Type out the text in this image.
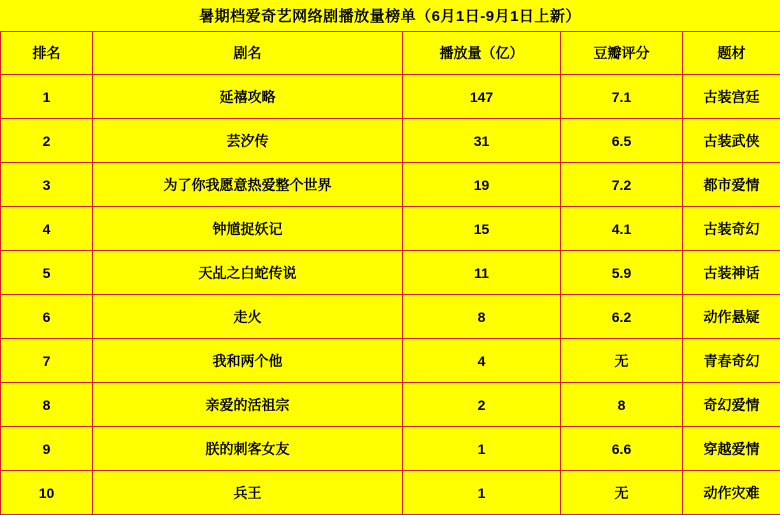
暑期档爱奇艺网络剧播放量榜单（6月1日-9月1日上新）
排名	剧名	播放量（亿）	豆瓣评分	题材
1	延禧攻略	147	7.1	古装宫廷
2	芸汐传	31	6.5	古装武侠
3	为了你我愿意热爱整个世界	19	7.2	都市爱情
4	钟馗捉妖记	15	4.1	古装奇幻
5	天乩之白蛇传说	11	5.9	古装神话
6	走火	8	6.2	动作悬疑
7	我和两个他	4	无	青春奇幻
8	亲爱的活祖宗	2	8	奇幻爱情
9	朕的刺客女友	1	6.6	穿越爱情
10	兵王	1	无	动作灾难
